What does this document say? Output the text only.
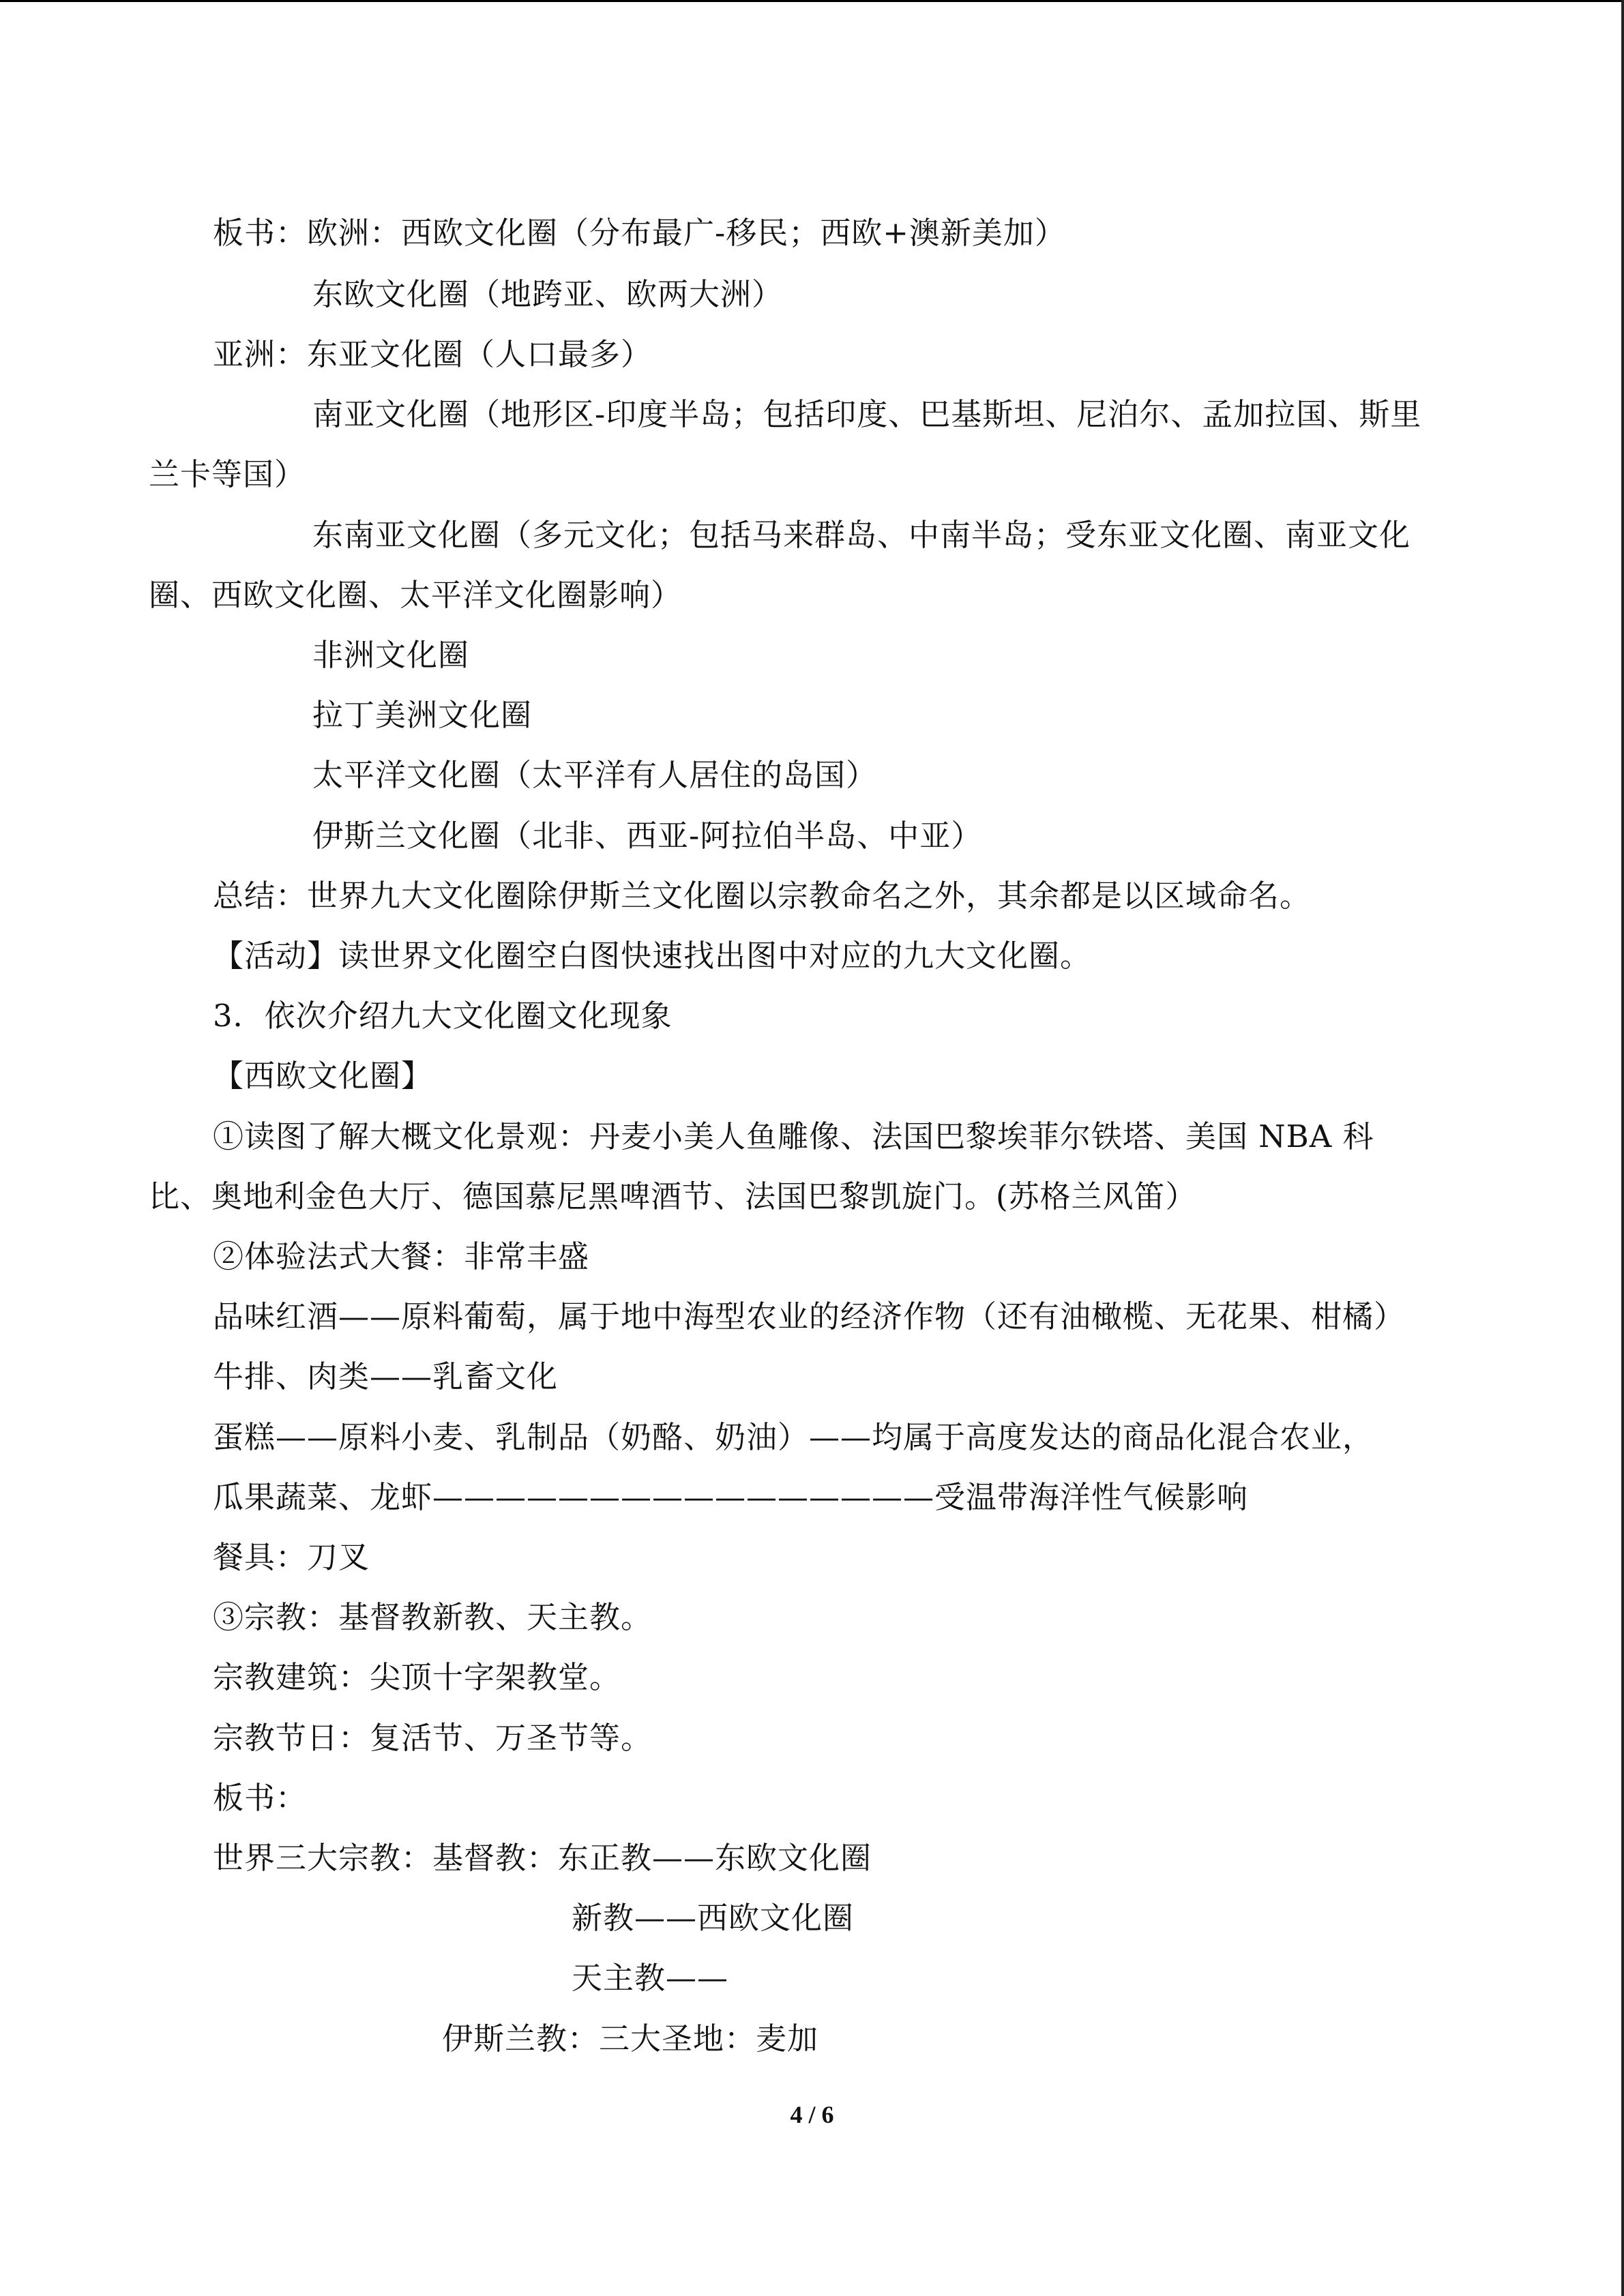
板书：欧洲：西欧文化圈（分布最广-移民；西欧+澳新美加）
东欧文化圈（地跨亚、欧两大洲）
亚洲：东亚文化圈（人口最多）
南亚文化圈（地形区-印度半岛；包括印度、巴基斯坦、尼泊尔、孟加拉国、斯里
兰卡等国）
东南亚文化圈（多元文化；包括马来群岛、中南半岛；受东亚文化圈、南亚文化
圈、西欧文化圈、太平洋文化圈影响）
非洲文化圈
拉丁美洲文化圈
太平洋文化圈（太平洋有人居住的岛国）
伊斯兰文化圈（北非、西亚-阿拉伯半岛、中亚）
总结：世界九大文化圈除伊斯兰文化圈以宗教命名之外，其余都是以区域命名。
【活动】读世界文化圈空白图快速找出图中对应的九大文化圈。
3．依次介绍九大文化圈文化现象
【西欧文化圈】
①读图了解大概文化景观：丹麦小美人鱼雕像、法国巴黎埃菲尔铁塔、美国 NBA 科
比、奥地利金色大厅、德国慕尼黑啤酒节、法国巴黎凯旋门。(苏格兰风笛）
②体验法式大餐：非常丰盛
品味红酒——原料葡萄，属于地中海型农业的经济作物（还有油橄榄、无花果、柑橘）
牛排、肉类——乳畜文化
蛋糕——原料小麦、乳制品（奶酪、奶油）——均属于高度发达的商品化混合农业，
瓜果蔬菜、龙虾————————————————受温带海洋性气候影响
餐具：刀叉
③宗教：基督教新教、天主教。
宗教建筑：尖顶十字架教堂。
宗教节日：复活节、万圣节等。
板书：
世界三大宗教：基督教：东正教——东欧文化圈
新教——西欧文化圈
天主教——
伊斯兰教：三大圣地：麦加
4 / 6
